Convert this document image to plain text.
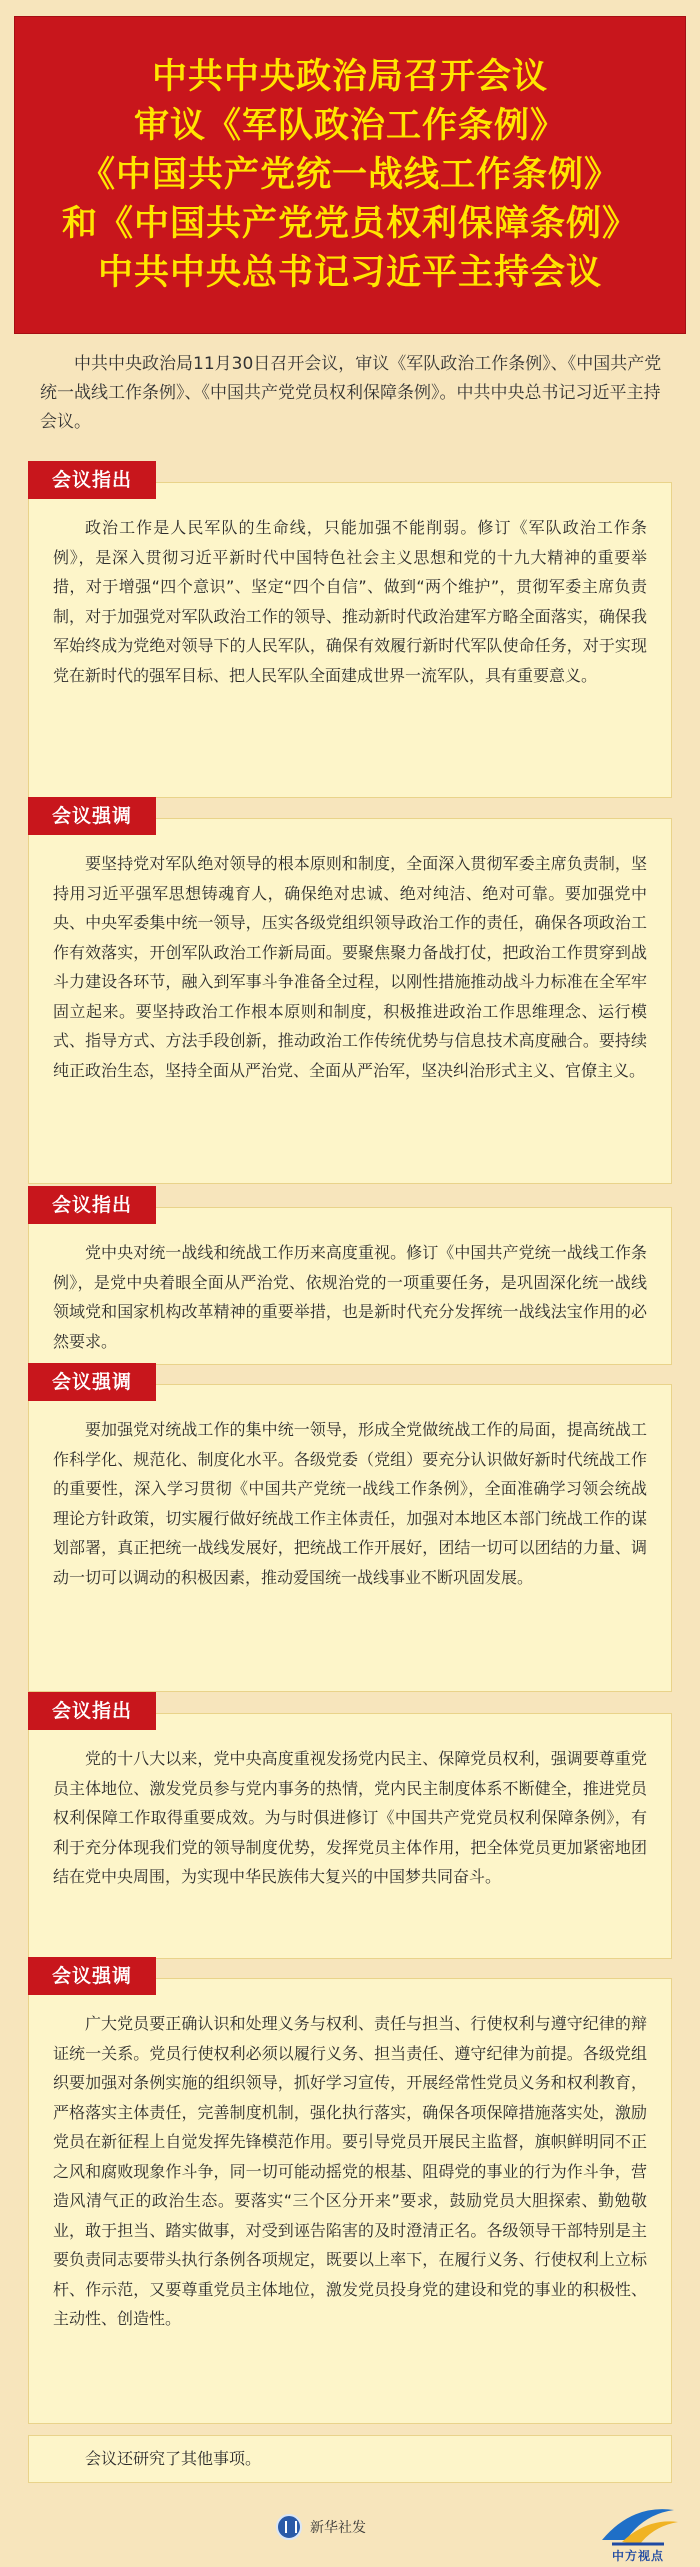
中共中央政治局召开会议
审议《军队政治工作条例》
《中国共产党统一战线工作条例》
和《中国共产党党员权利保障条例》
中共中央总书记习近平主持会议
中共中央政治局11月30日召开会议，审议《军队政治工作条例》、《中国共产党统一战线工作条例》、《中国共产党党员权利保障条例》。中共中央总书记习近平主持会议。

政治工作是人民军队的生命线，只能加强不能削弱。修订《军队政治工作条例》，是深入贯彻习近平新时代中国特色社会主义思想和党的十九大精神的重要举措，对于增强“四个意识”、坚定“四个自信”、做到“两个维护”，贯彻军委主席负责制，对于加强党对军队政治工作的领导、推动新时代政治建军方略全面落实，确保我军始终成为党绝对领导下的人民军队，确保有效履行新时代军队使命任务，对于实现党在新时代的强军目标、把人民军队全面建成世界一流军队，具有重要意义。

会议指出

要坚持党对军队绝对领导的根本原则和制度，全面深入贯彻军委主席负责制，坚持用习近平强军思想铸魂育人，确保绝对忠诚、绝对纯洁、绝对可靠。要加强党中央、中央军委集中统一领导，压实各级党组织领导政治工作的责任，确保各项政治工作有效落实，开创军队政治工作新局面。要聚焦聚力备战打仗，把政治工作贯穿到战斗力建设各环节，融入到军事斗争准备全过程，以刚性措施推动战斗力标准在全军牢固立起来。要坚持政治工作根本原则和制度，积极推进政治工作思维理念、运行模式、指导方式、方法手段创新，推动政治工作传统优势与信息技术高度融合。要持续纯正政治生态，坚持全面从严治党、全面从严治军，坚决纠治形式主义、官僚主义。

会议强调

党中央对统一战线和统战工作历来高度重视。修订《中国共产党统一战线工作条例》，是党中央着眼全面从严治党、依规治党的一项重要任务，是巩固深化统一战线领域党和国家机构改革精神的重要举措，也是新时代充分发挥统一战线法宝作用的必然要求。

会议指出

要加强党对统战工作的集中统一领导，形成全党做统战工作的局面，提高统战工作科学化、规范化、制度化水平。各级党委（党组）要充分认识做好新时代统战工作的重要性，深入学习贯彻《中国共产党统一战线工作条例》，全面准确学习领会统战理论方针政策，切实履行做好统战工作主体责任，加强对本地区本部门统战工作的谋划部署，真正把统一战线发展好，把统战工作开展好，团结一切可以团结的力量、调动一切可以调动的积极因素，推动爱国统一战线事业不断巩固发展。

会议强调

党的十八大以来，党中央高度重视发扬党内民主、保障党员权利，强调要尊重党员主体地位、激发党员参与党内事务的热情，党内民主制度体系不断健全，推进党员权利保障工作取得重要成效。为与时俱进修订《中国共产党党员权利保障条例》，有利于充分体现我们党的领导制度优势，发挥党员主体作用，把全体党员更加紧密地团结在党中央周围，为实现中华民族伟大复兴的中国梦共同奋斗。

会议指出

广大党员要正确认识和处理义务与权利、责任与担当、行使权利与遵守纪律的辩证统一关系。党员行使权利必须以履行义务、担当责任、遵守纪律为前提。各级党组织要加强对条例实施的组织领导，抓好学习宣传，开展经常性党员义务和权利教育，严格落实主体责任，完善制度机制，强化执行落实，确保各项保障措施落实处，激励党员在新征程上自觉发挥先锋模范作用。要引导党员开展民主监督，旗帜鲜明同不正之风和腐败现象作斗争，同一切可能动摇党的根基、阻碍党的事业的行为作斗争，营造风清气正的政治生态。要落实“三个区分开来”要求，鼓励党员大胆探索、勤勉敬业，敢于担当、踏实做事，对受到诬告陷害的及时澄清正名。各级领导干部特别是主要负责同志要带头执行条例各项规定，既要以上率下，在履行义务、行使权利上立标杆、作示范，又要尊重党员主体地位，激发党员投身党的建设和党的事业的积极性、主动性、创造性。

会议强调
会议还研究了其他事项。
新华社发
中方视点
